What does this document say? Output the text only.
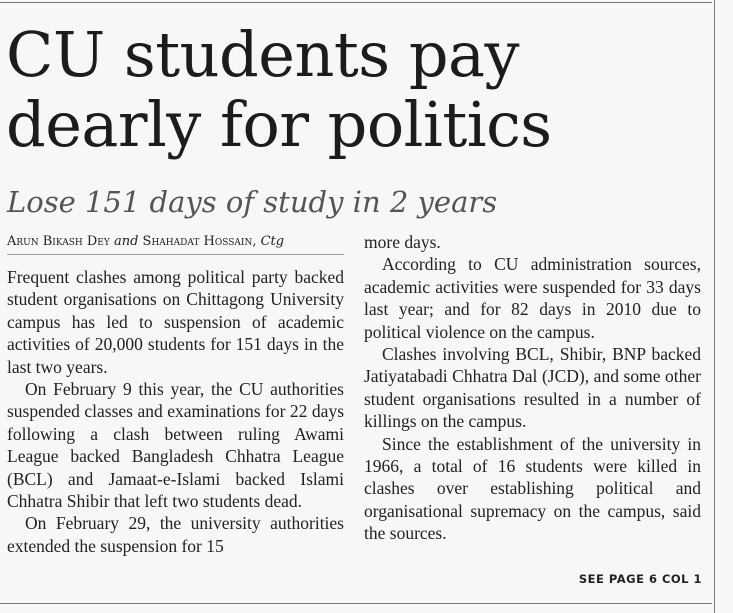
CU students pay dearly for politics
Lose 151 days of study in 2 years
Arun Bikash Dey and Shahadat Hossain, Ctg

Frequent clashes among political party backed student organisations on Chittagong University campus has led to suspension of academic activities of 20,000 students for 151 days in the last two years.

On February 9 this year, the CU authorities suspended classes and examinations for 22 days following a clash between ruling Awami League backed Bangladesh Chhatra League (BCL) and Jamaat-e-Islami backed Islami Chhatra Shibir that left two students dead.

On February 29, the university authorities extended the suspension for 15

more days.

According to CU administration sources, academic activities were suspended for 33 days last year; and for 82 days in 2010 due to political violence on the campus.

Clashes involving BCL, Shibir, BNP backed Jatiyatabadi Chhatra Dal (JCD), and some other student organisations resulted in a number of killings on the campus.

Since the establishment of the university in 1966, a total of 16 students were killed in clashes over establishing political and organisational supremacy on the campus, said the sources.

SEE PAGE 6 COL 1
